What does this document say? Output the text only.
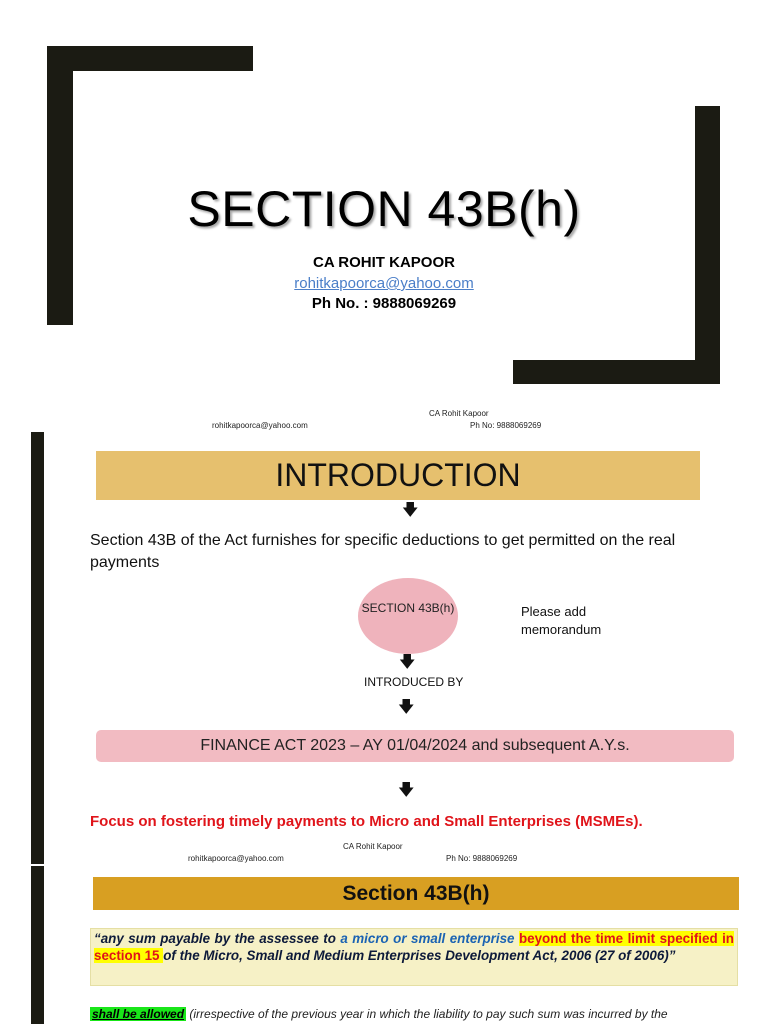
SECTION 43B(h)
CA ROHIT KAPOOR
rohitkapoorca@yahoo.com
Ph No. : 9888069269
CA Rohit Kapoor
rohitkapoorca@yahoo.com	Ph No: 9888069269
INTRODUCTION
🡇
Section 43B of the Act furnishes for specific deductions to get permitted on the real payments
SECTION 43B(h)	Please add memorandum
🡇
INTRODUCED BY
🡇
FINANCE ACT 2023 – AY 01/04/2024 and subsequent A.Y.s.
🡇
Focus on fostering timely payments to Micro and Small Enterprises (MSMEs).
CA Rohit Kapoor
rohitkapoorca@yahoo.com	Ph No: 9888069269
Section 43B(h)
“any sum payable by the assessee to a micro or small enterprise beyond the time limit specified in section 15 of the Micro, Small and Medium Enterprises Development Act, 2006 (27 of 2006)”
shall be allowed (irrespective of the previous year in which the liability to pay such sum was incurred by the
